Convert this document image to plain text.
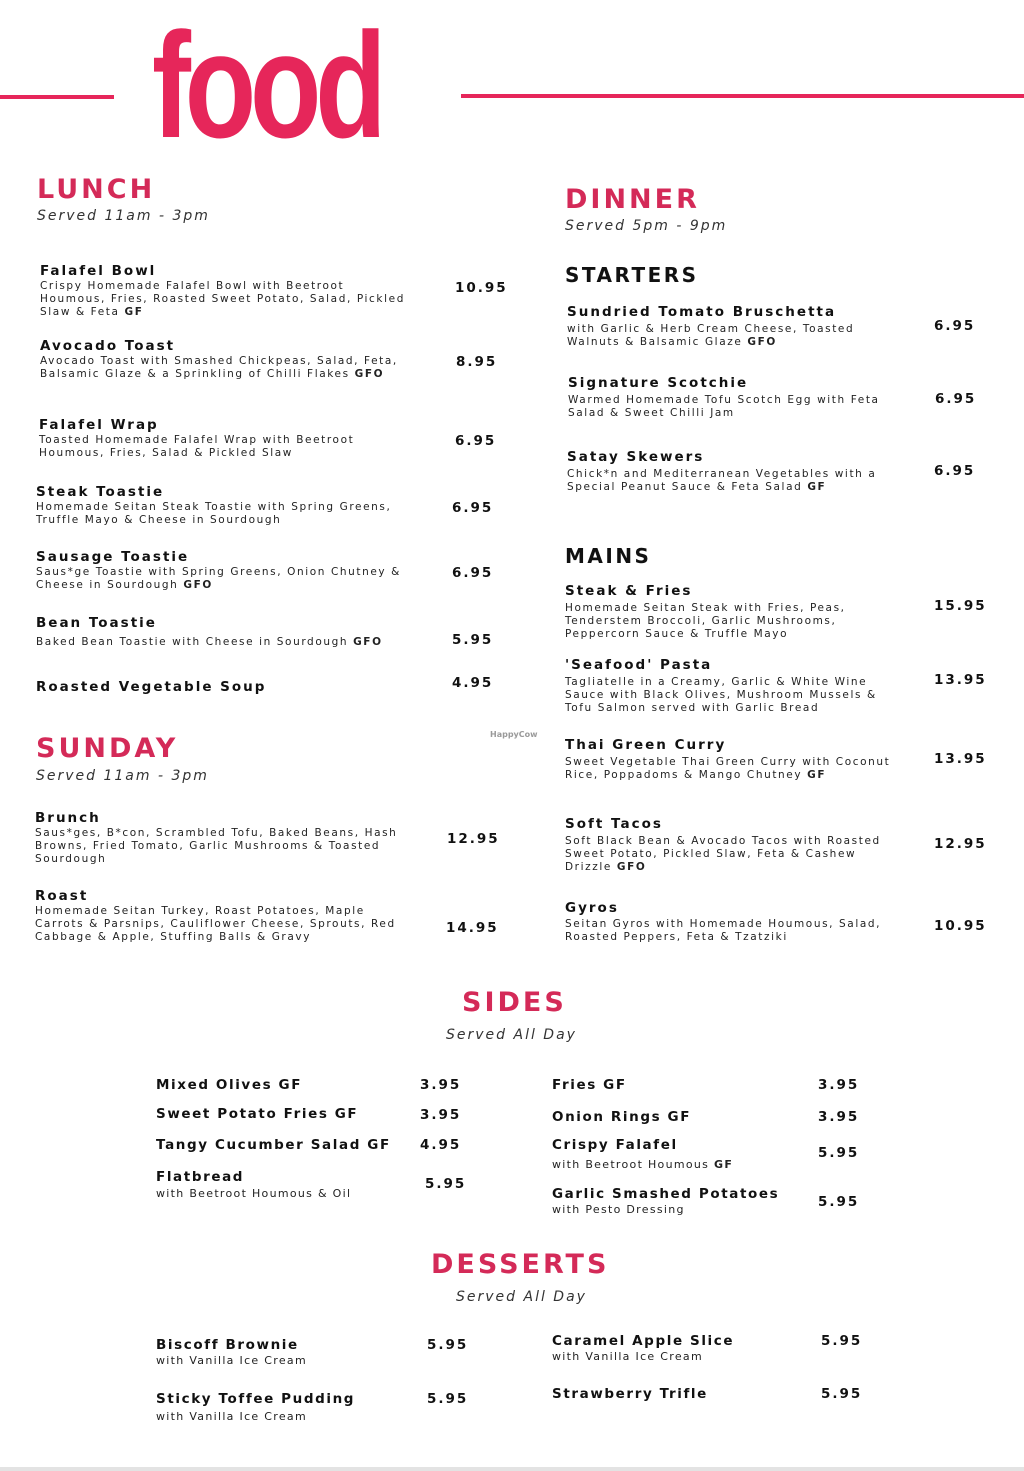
food
LUNCH
Served 11am - 3pm
Falafel Bowl
Crispy Homemade Falafel Bowl with Beetroot Houmous, Fries, Roasted Sweet Potato, Salad, Pickled Slaw & Feta GF
10.95
Avocado Toast
Avocado Toast with Smashed Chickpeas, Salad, Feta, Balsamic Glaze & a Sprinkling of Chilli Flakes GFO
8.95
Falafel Wrap
Toasted Homemade Falafel Wrap with Beetroot Houmous, Fries, Salad & Pickled Slaw
6.95
Steak Toastie
Homemade Seitan Steak Toastie with Spring Greens, Truffle Mayo & Cheese in Sourdough
6.95
Sausage Toastie
Saus*ge Toastie with Spring Greens, Onion Chutney & Cheese in Sourdough GFO
6.95
Bean Toastie
Baked Bean Toastie with Cheese in Sourdough GFO	5.95
Roasted Vegetable Soup	4.95
SUNDAY
Served 11am - 3pm
HappyCow
Brunch
Saus*ges, B*con, Scrambled Tofu, Baked Beans, Hash Browns, Fried Tomato, Garlic Mushrooms & Toasted Sourdough
12.95
Roast
Homemade Seitan Turkey, Roast Potatoes, Maple Carrots & Parsnips, Cauliflower Cheese, Sprouts, Red Cabbage & Apple, Stuffing Balls & Gravy
14.95
DINNER
Served 5pm - 9pm
STARTERS
Sundried Tomato Bruschetta
with Garlic & Herb Cream Cheese, Toasted Walnuts & Balsamic Glaze GFO
6.95
Signature Scotchie
Warmed Homemade Tofu Scotch Egg with Feta Salad & Sweet Chilli Jam
6.95
Satay Skewers
Chick*n and Mediterranean Vegetables with a Special Peanut Sauce & Feta Salad GF
6.95
MAINS
Steak & Fries
Homemade Seitan Steak with Fries, Peas, Tenderstem Broccoli, Garlic Mushrooms, Peppercorn Sauce & Truffle Mayo
15.95
'Seafood' Pasta
Tagliatelle in a Creamy, Garlic & White Wine Sauce with Black Olives, Mushroom Mussels & Tofu Salmon served with Garlic Bread
13.95
Thai Green Curry
Sweet Vegetable Thai Green Curry with Coconut Rice, Poppadoms & Mango Chutney GF
13.95
Soft Tacos
Soft Black Bean & Avocado Tacos with Roasted Sweet Potato, Pickled Slaw, Feta & Cashew Drizzle GFO
12.95
Gyros
Seitan Gyros with Homemade Houmous, Salad, Roasted Peppers, Feta & Tzatziki
10.95
SIDES
Served All Day
Mixed Olives GF	3.95
Sweet Potato Fries GF	3.95
Tangy Cucumber Salad GF 4.95
Flatbread
with Beetroot Houmous & Oil
5.95
Fries GF	3.95
Onion Rings GF	3.95
Crispy Falafel
with Beetroot Houmous GF
5.95
Garlic Smashed Potatoes
with Pesto Dressing	5.95
DESSERTS
Served All Day
Biscoff Brownie
with Vanilla Ice Cream
5.95
Sticky Toffee Pudding
with Vanilla Ice Cream
5.95
Caramel Apple Slice
with Vanilla Ice Cream
5.95
Strawberry Trifle	5.95
